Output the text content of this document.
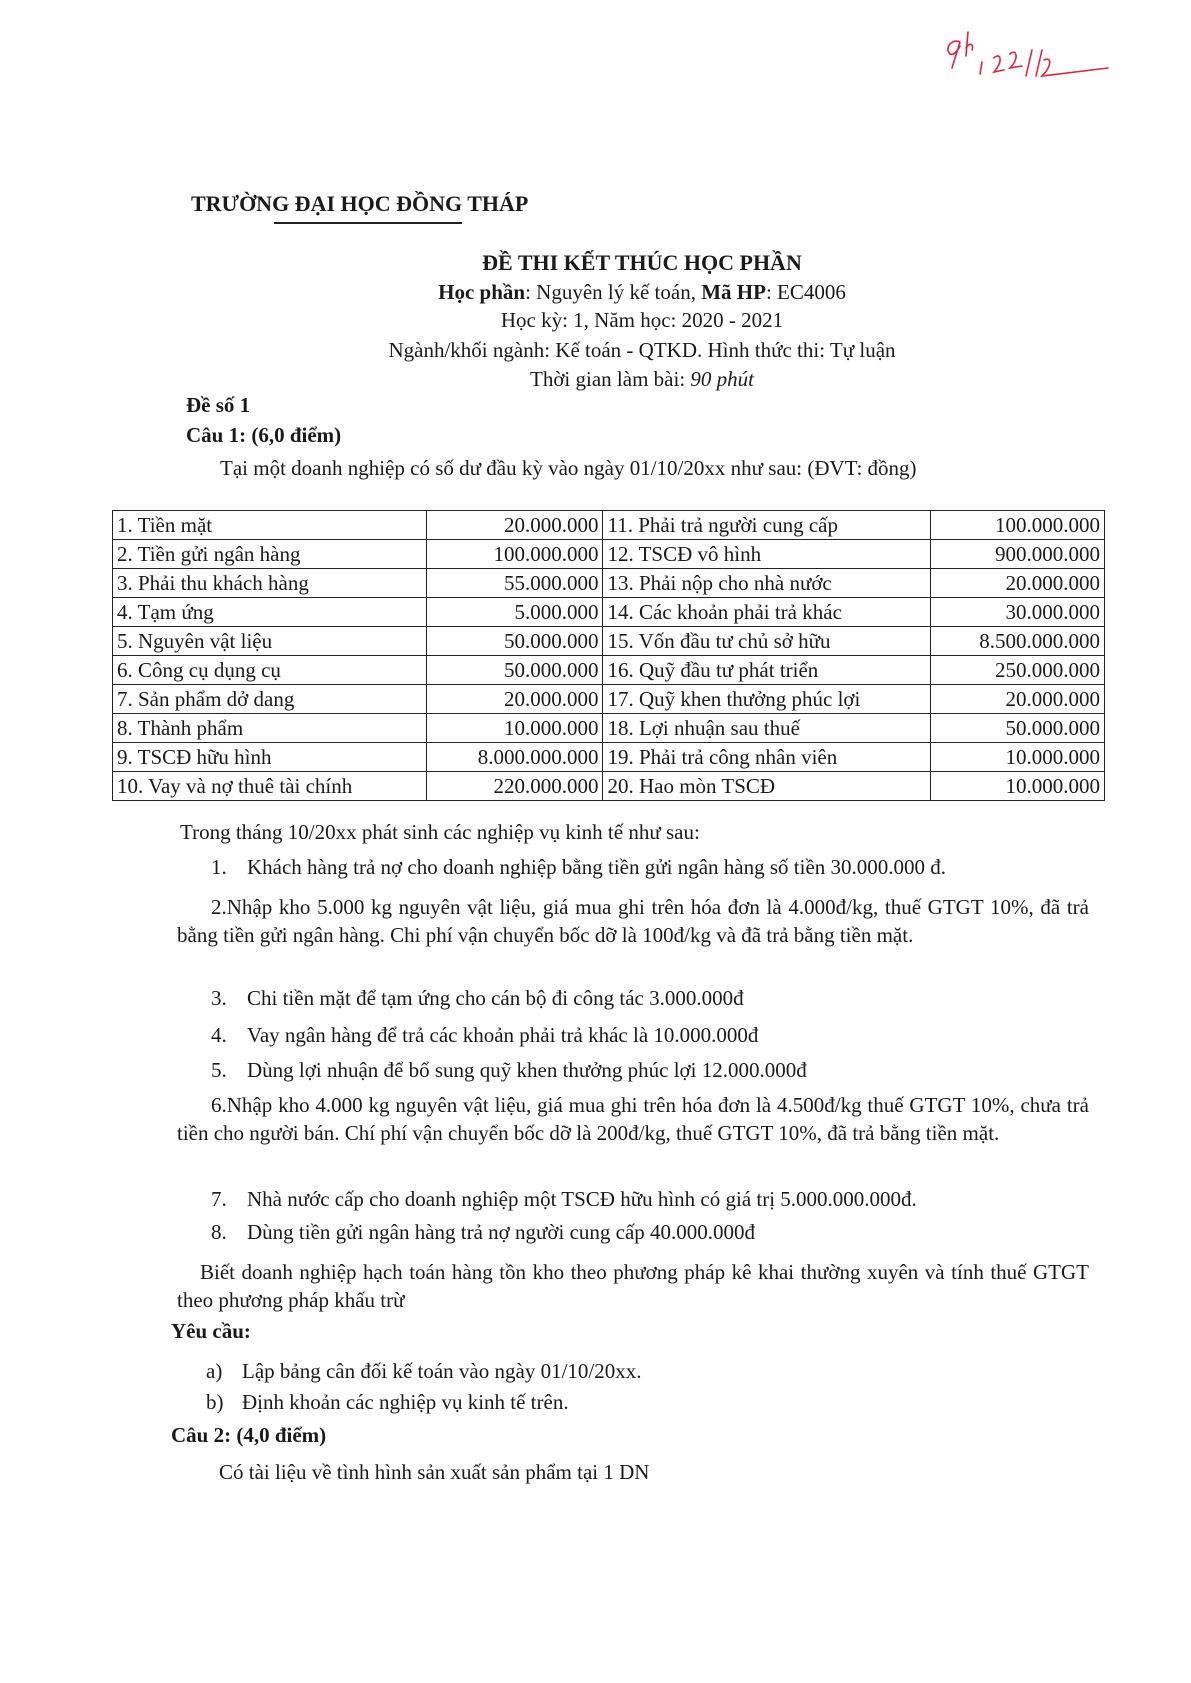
TRƯỜNG ĐẠI HỌC ĐỒNG THÁP
ĐỀ THI KẾT THÚC HỌC PHẦN
Học phần: Nguyên lý kế toán, Mã HP: EC4006
Học kỳ: 1, Năm học: 2020 - 2021
Ngành/khối ngành: Kế toán - QTKD. Hình thức thi: Tự luận
Thời gian làm bài: 90 phút
Đề số 1
Câu 1: (6,0 điểm)
Tại một doanh nghiệp có số dư đầu kỳ vào ngày 01/10/20xx như sau: (ĐVT: đồng)
1. Tiền mặt	20.000.000	11. Phải trả người cung cấp	100.000.000
2. Tiền gửi ngân hàng	100.000.000	12. TSCĐ vô hình	900.000.000
3. Phải thu khách hàng	55.000.000	13. Phải nộp cho nhà nước	20.000.000
4. Tạm ứng	5.000.000	14. Các khoản phải trả khác	30.000.000
5. Nguyên vật liệu	50.000.000	15. Vốn đầu tư chủ sở hữu	8.500.000.000
6. Công cụ dụng cụ	50.000.000	16. Quỹ đầu tư phát triển	250.000.000
7. Sản phẩm dở dang	20.000.000	17. Quỹ khen thưởng phúc lợi	20.000.000
8. Thành phẩm	10.000.000	18. Lợi nhuận sau thuế	50.000.000
9. TSCĐ hữu hình	8.000.000.000	19. Phải trả công nhân viên	10.000.000
10. Vay và nợ thuê tài chính	220.000.000	20. Hao mòn TSCĐ	10.000.000
Trong tháng 10/20xx phát sinh các nghiệp vụ kinh tế như sau:
1. Khách hàng trả nợ cho doanh nghiệp bằng tiền gửi ngân hàng số tiền 30.000.000 đ.
2.Nhập kho 5.000 kg nguyên vật liệu, giá mua ghi trên hóa đơn là 4.000đ/kg, thuế GTGT 10%, đã trả bằng tiền gửi ngân hàng. Chi phí vận chuyển bốc dỡ là 100đ/kg và đã trả bằng tiền mặt.
3. Chi tiền mặt để tạm ứng cho cán bộ đi công tác 3.000.000đ
4. Vay ngân hàng để trả các khoản phải trả khác là 10.000.000đ
5. Dùng lợi nhuận để bổ sung quỹ khen thưởng phúc lợi 12.000.000đ
6.Nhập kho 4.000 kg nguyên vật liệu, giá mua ghi trên hóa đơn là 4.500đ/kg thuế GTGT 10%, chưa trả tiền cho người bán. Chí phí vận chuyển bốc dỡ là 200đ/kg, thuế GTGT 10%, đã trả bằng tiền mặt.
7. Nhà nước cấp cho doanh nghiệp một TSCĐ hữu hình có giá trị 5.000.000.000đ.
8. Dùng tiền gửi ngân hàng trả nợ người cung cấp 40.000.000đ
Biết doanh nghiệp hạch toán hàng tồn kho theo phương pháp kê khai thường xuyên và tính thuế GTGT theo phương pháp khấu trừ
Yêu cầu:
a) Lập bảng cân đối kế toán vào ngày 01/10/20xx.
b) Định khoản các nghiệp vụ kinh tế trên.
Câu 2: (4,0 điểm)
Có tài liệu về tình hình sản xuất sản phẩm tại 1 DN
